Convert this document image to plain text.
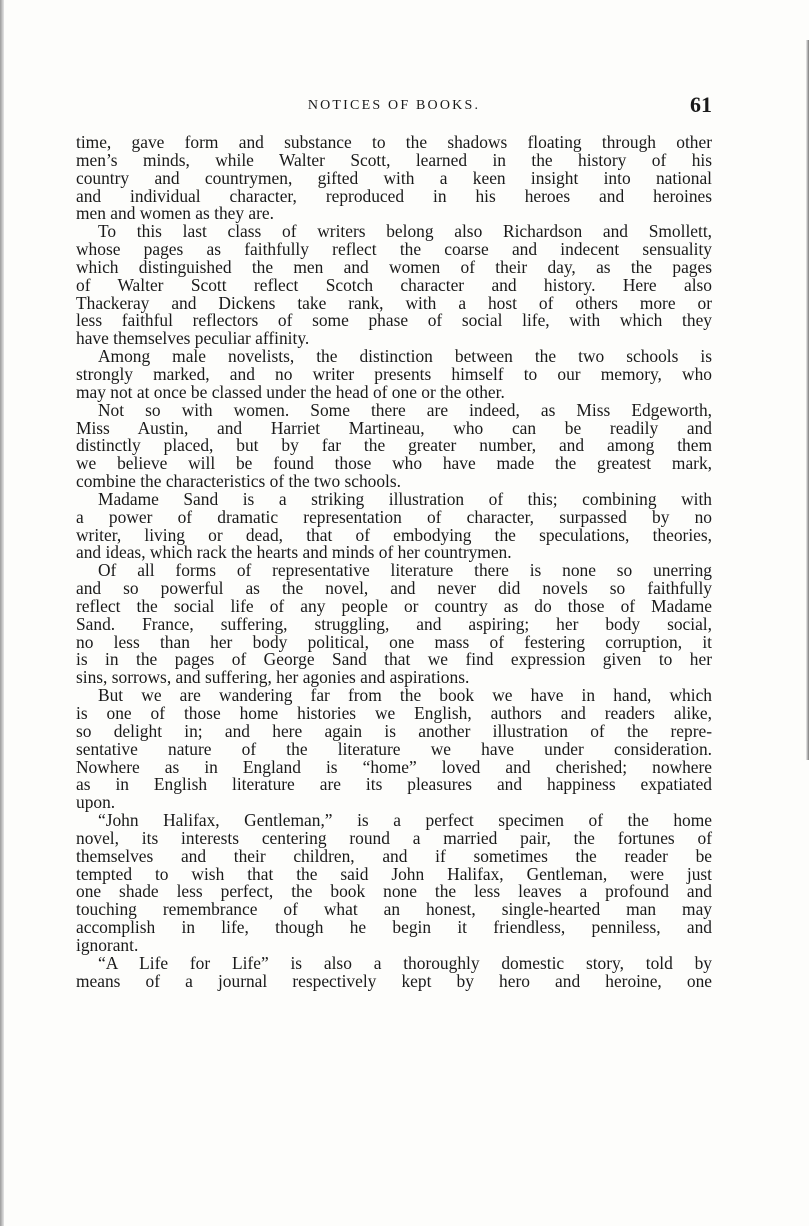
NOTICES OF BOOKS.	61
time, gave form and substance to the shadows floating through other
men’s minds, while Walter Scott, learned in the history of his
country and countrymen, gifted with a keen insight into national
and individual character, reproduced in his heroes and heroines
men and women as they are.
To this last class of writers belong also Richardson and Smollett,
whose pages as faithfully reflect the coarse and indecent sensuality
which distinguished the men and women of their day, as the pages
of Walter Scott reflect Scotch character and history. Here also
Thackeray and Dickens take rank, with a host of others more or
less faithful reflectors of some phase of social life, with which they
have themselves peculiar affinity.
Among male novelists, the distinction between the two schools is
strongly marked, and no writer presents himself to our memory, who
may not at once be classed under the head of one or the other.
Not so with women. Some there are indeed, as Miss Edgeworth,
Miss Austin, and Harriet Martineau, who can be readily and
distinctly placed, but by far the greater number, and among them
we believe will be found those who have made the greatest mark,
combine the characteristics of the two schools.
Madame Sand is a striking illustration of this; combining with
a power of dramatic representation of character, surpassed by no
writer, living or dead, that of embodying the speculations, theories,
and ideas, which rack the hearts and minds of her countrymen.
Of all forms of representative literature there is none so unerring
and so powerful as the novel, and never did novels so faithfully
reflect the social life of any people or country as do those of Madame
Sand. France, suffering, struggling, and aspiring; her body social,
no less than her body political, one mass of festering corruption, it
is in the pages of George Sand that we find expression given to her
sins, sorrows, and suffering, her agonies and aspirations.
But we are wandering far from the book we have in hand, which
is one of those home histories we English, authors and readers alike,
so delight in; and here again is another illustration of the repre-
sentative nature of the literature we have under consideration.
Nowhere as in England is “home” loved and cherished; nowhere
as in English literature are its pleasures and happiness expatiated
upon.
“John Halifax, Gentleman,” is a perfect specimen of the home
novel, its interests centering round a married pair, the fortunes of
themselves and their children, and if sometimes the reader be
tempted to wish that the said John Halifax, Gentleman, were just
one shade less perfect, the book none the less leaves a profound and
touching remembrance of what an honest, single-hearted man may
accomplish in life, though he begin it friendless, penniless, and
ignorant.
“A Life for Life” is also a thoroughly domestic story, told by
means of a journal respectively kept by hero and heroine, one
